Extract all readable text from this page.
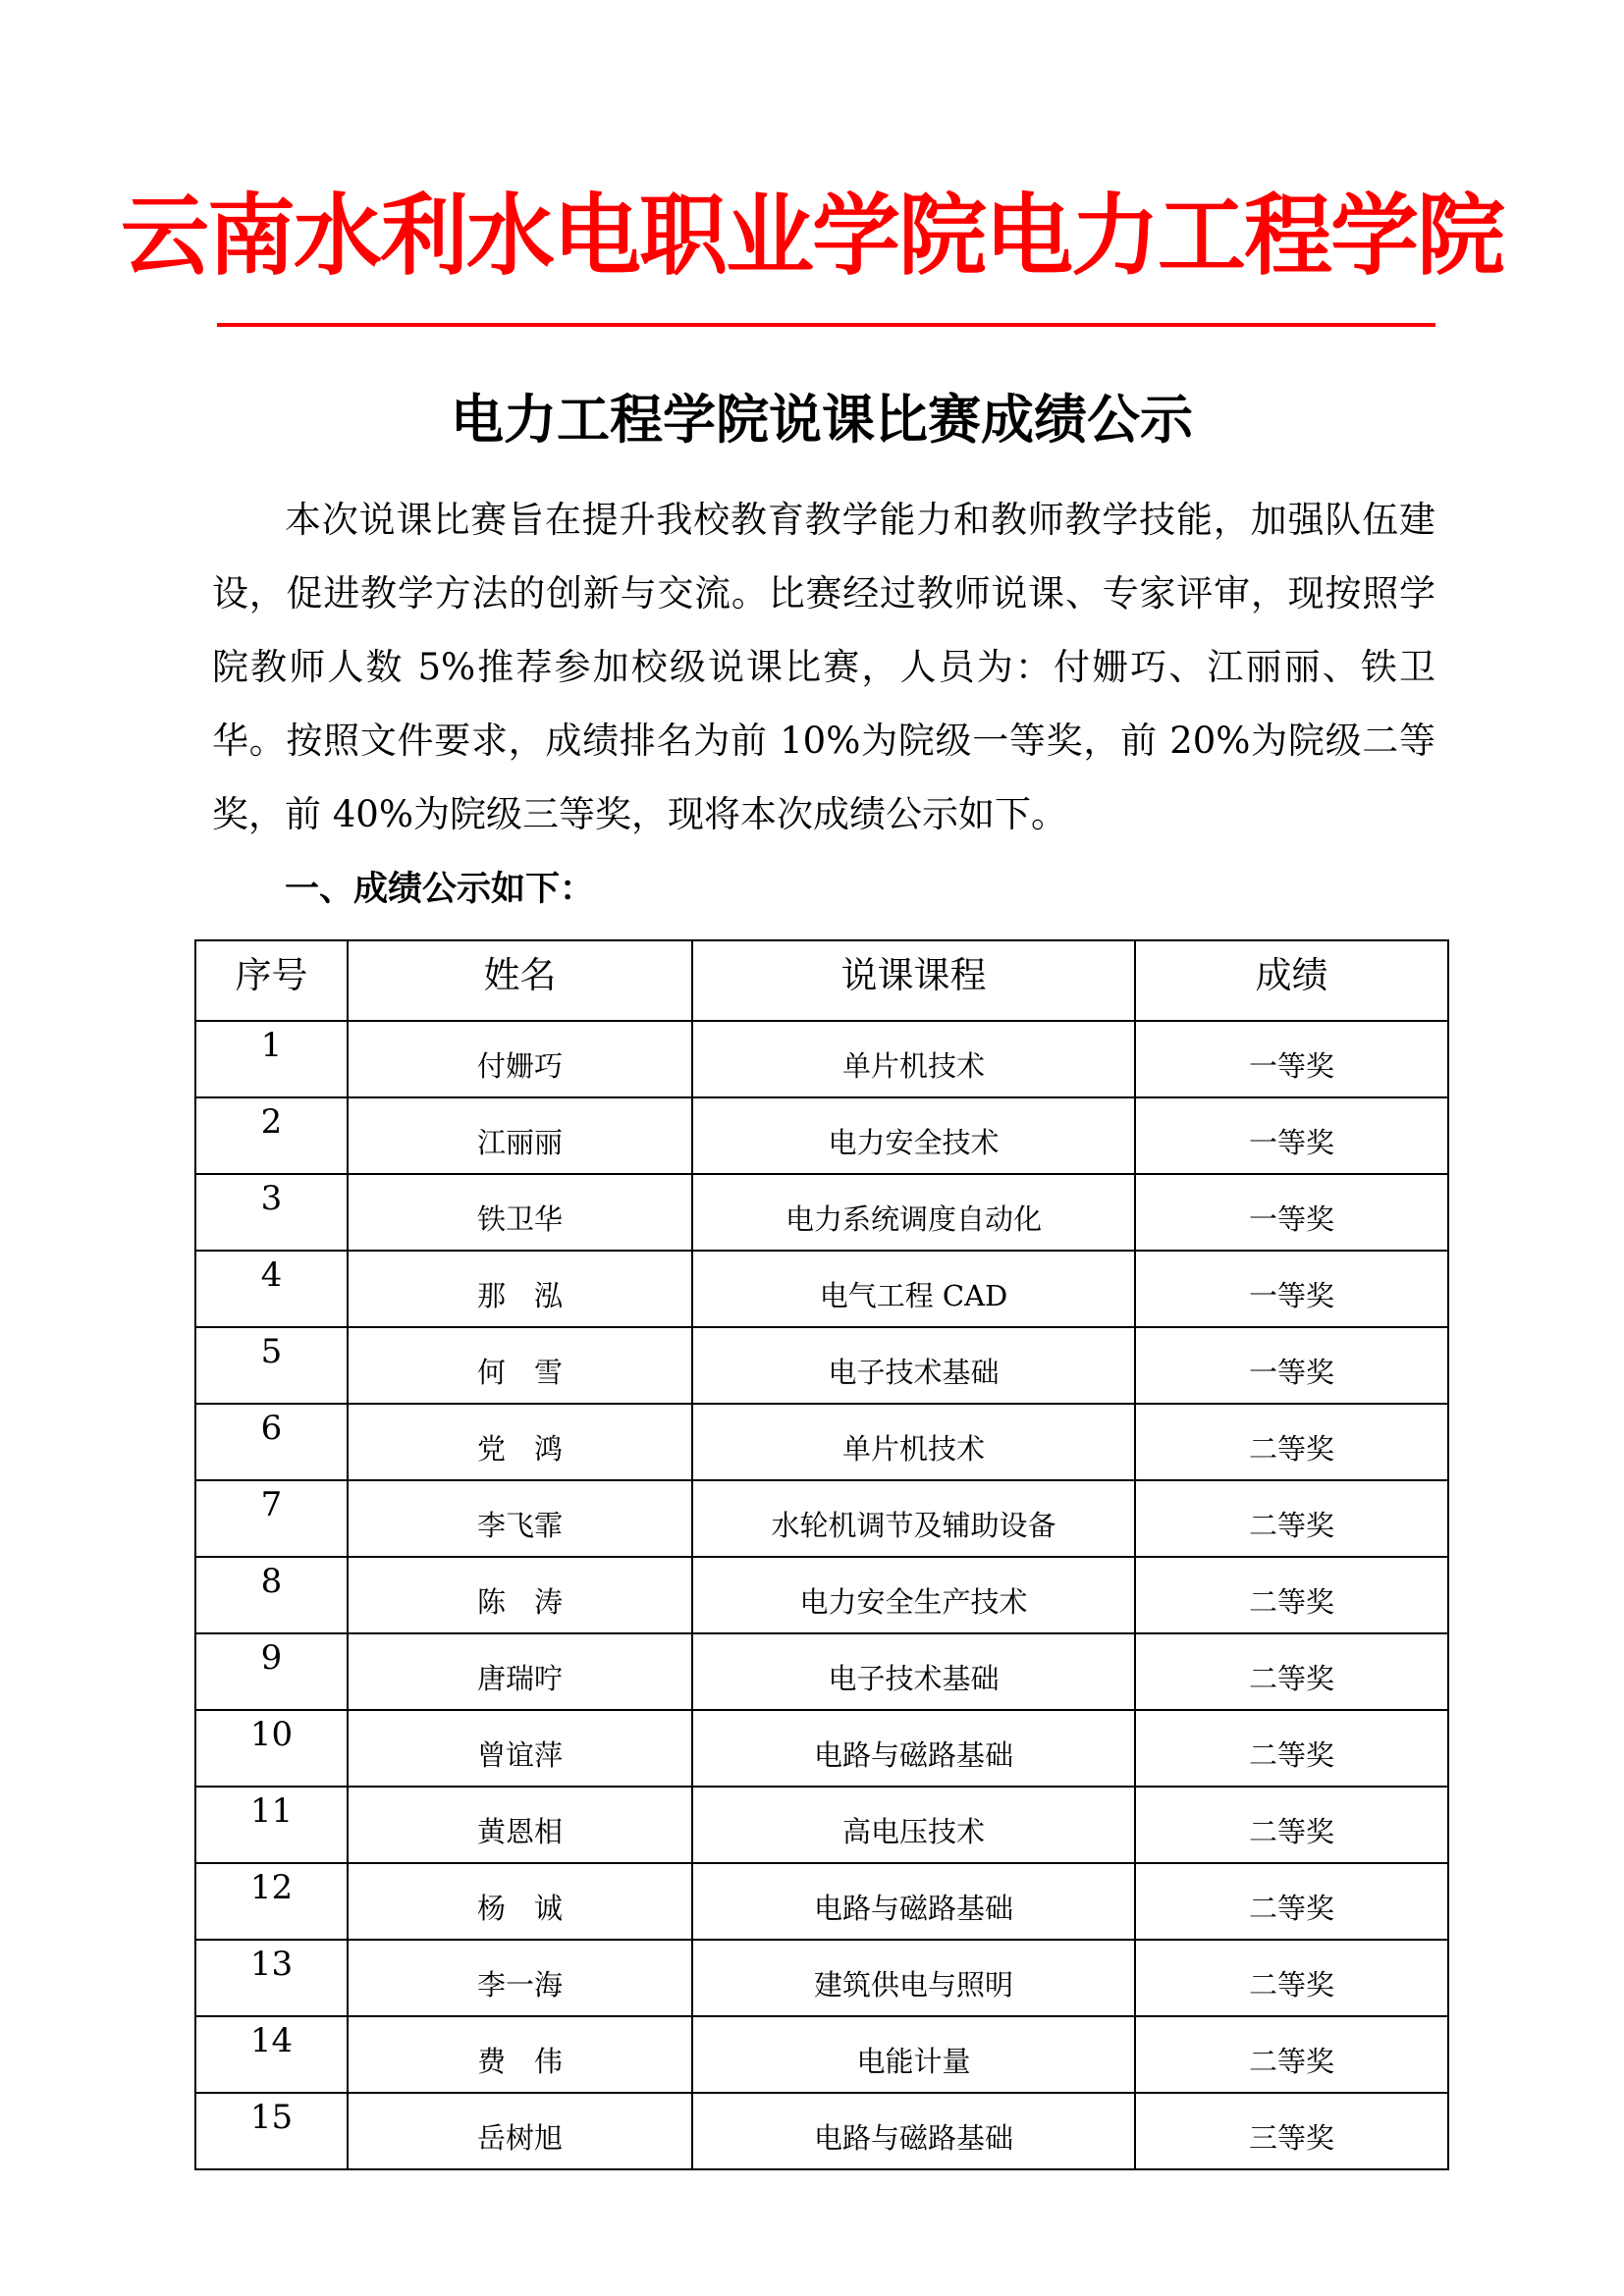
云南水利水电职业学院电力工程学院
电力工程学院说课比赛成绩公示

本次说课比赛旨在提升我校教育教学能力和教师教学技能，加强队伍建设，促进教学方法的创新与交流。比赛经过教师说课、专家评审，现按照学院教师人数 5%推荐参加校级说课比赛，人员为：付姗巧、江丽丽、铁卫华。按照文件要求，成绩排名为前 10%为院级一等奖，前 20%为院级二等奖，前 40%为院级三等奖，现将本次成绩公示如下。

一、成绩公示如下：
序号	姓名	说课课程	成绩
1	付姗巧	单片机技术	一等奖
2	江丽丽	电力安全技术	一等奖
3	铁卫华	电力系统调度自动化	一等奖
4	那　泓	电气工程 CAD	一等奖
5	何　雪	电子技术基础	一等奖
6	党　鸿	单片机技术	二等奖
7	李飞霏	水轮机调节及辅助设备	二等奖
8	陈　涛	电力安全生产技术	二等奖
9	唐瑞咛	电子技术基础	二等奖
10	曾谊萍	电路与磁路基础	二等奖
11	黄恩相	高电压技术	二等奖
12	杨　诚	电路与磁路基础	二等奖
13	李一海	建筑供电与照明	二等奖
14	费　伟	电能计量	二等奖
15	岳树旭	电路与磁路基础	三等奖
